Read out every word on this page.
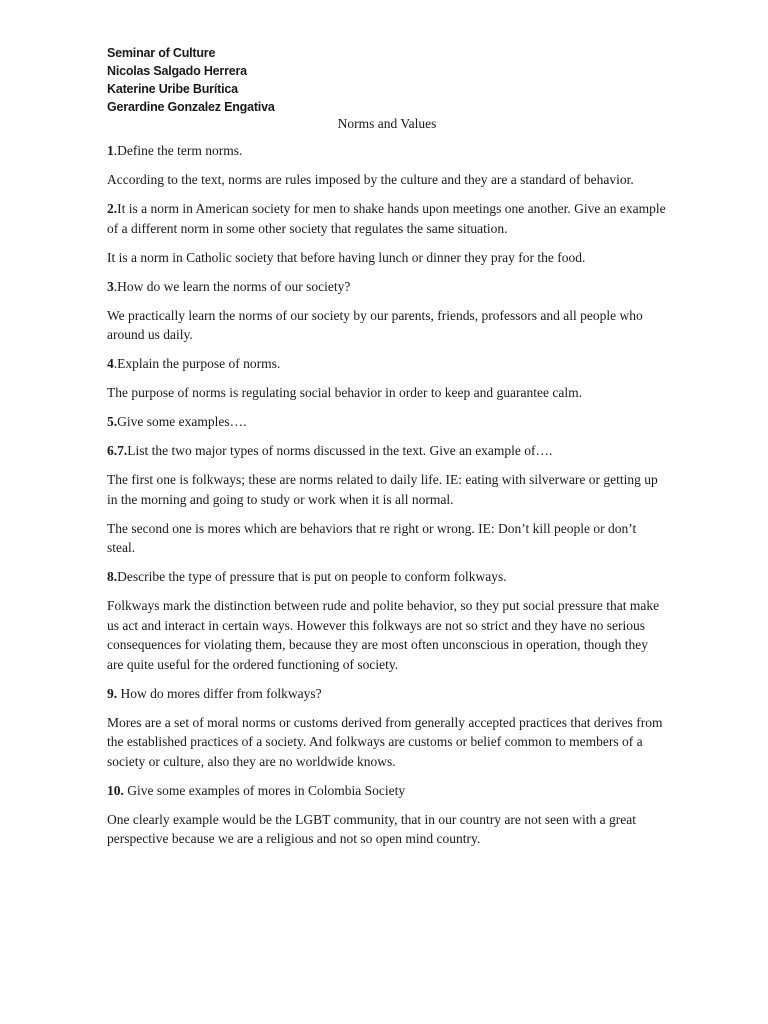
Seminar of Culture
Nicolas Salgado Herrera
Katerine Uribe Burítica
Gerardine Gonzalez Engativa
Norms and Values

1.Define the term norms.

According to the text, norms are rules imposed by the culture and they are a standard of behavior.

2.It is a norm in American society for men to shake hands upon meetings one another. Give an example of a different norm in some other society that regulates the same situation.

It is a norm in Catholic society that before having lunch or dinner they pray for the food.

3.How do we learn the norms of our society?

We practically learn the norms of our society by our parents, friends, professors and all people who around us daily.

4.Explain the purpose of norms.

The purpose of norms is regulating social behavior in order to keep and guarantee calm.

5.Give some examples….

6.7.List the two major types of norms discussed in the text. Give an example of….

The first one is folkways; these are norms related to daily life. IE: eating with silverware or getting up in the morning and going to study or work when it is all normal.

The second one is mores which are behaviors that re right or wrong. IE: Don’t kill people or don’t steal.

8.Describe the type of pressure that is put on people to conform folkways.

Folkways mark the distinction between rude and polite behavior, so they put social pressure that make us act and interact in certain ways. However this folkways are not so strict and they have no serious consequences for violating them, because they are most often unconscious in operation, though they are quite useful for the ordered functioning of society.

9. How do mores differ from folkways?

Mores are a set of moral norms or customs derived from generally accepted practices that derives from the established practices of a society. And folkways are customs or belief common to members of a society or culture, also they are no worldwide knows.

10. Give some examples of mores in Colombia Society

One clearly example would be the LGBT community, that in our country are not seen with a great perspective because we are a religious and not so open mind country.
